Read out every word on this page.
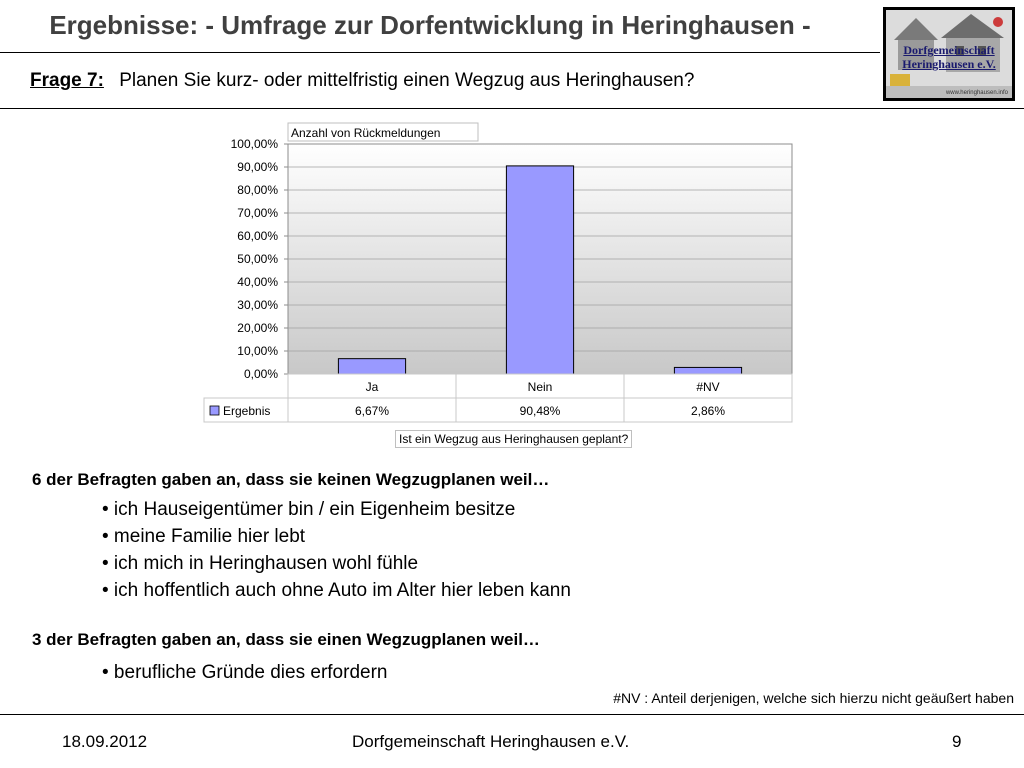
Ergebnisse: - Umfrage zur Dorfentwicklung in Heringhausen -
Dorfgemeinschaft
Heringhausen e.V.
www.heringhausen.info
Frage 7: Planen Sie kurz- oder mittelfristig einen Wegzug aus Heringhausen?
Anzahl von Rückmeldungen
0,00%
10,00%
20,00%
30,00%
40,00%
50,00%
60,00%
70,00%
80,00%
90,00%
100,00%
Ja
6,67%
Nein
90,48%
#NV
2,86%
Ergebnis
Ist ein Wegzug aus Heringhausen geplant?
6 der Befragten gaben an, dass sie keinen Wegzugplanen weil…
• ich Hauseigentümer bin / ein Eigenheim besitze
• meine Familie hier lebt
• ich mich in Heringhausen wohl fühle
• ich hoffentlich auch ohne Auto im Alter hier leben kann
3 der Befragten gaben an, dass sie einen Wegzugplanen weil…
• berufliche Gründe dies erfordern
#NV : Anteil derjenigen, welche sich hierzu nicht geäußert haben
18.09.2012	Dorfgemeinschaft Heringhausen e.V.	9
